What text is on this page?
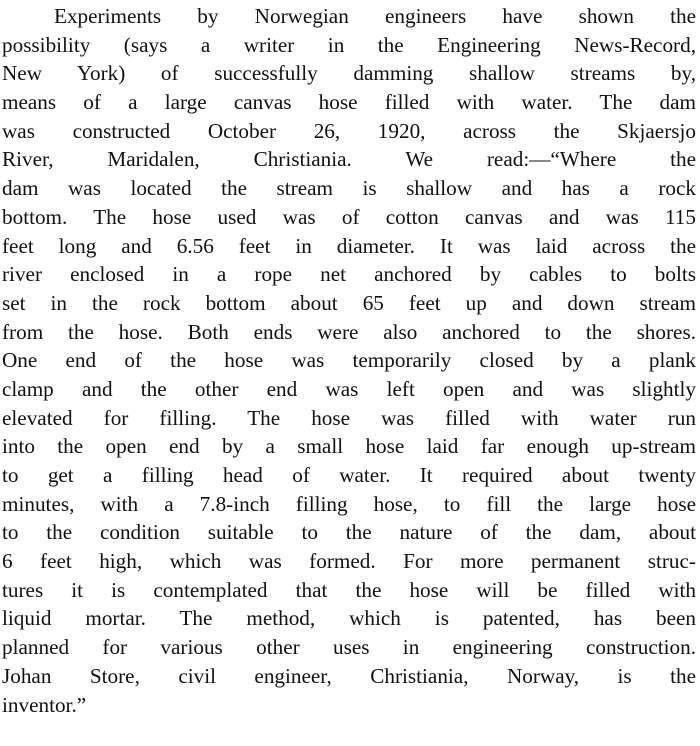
Experiments by Norwegian engineers have shown the
possibility (says a writer in the Engineering News-Record,
New York) of successfully damming shallow streams by,
means of a large canvas hose filled with water. The dam
was constructed October 26, 1920, across the Skjaersjo
River, Maridalen, Christiania. We read:—“Where the
dam was located the stream is shallow and has a rock
bottom. The hose used was of cotton canvas and was 115
feet long and 6.56 feet in diameter. It was laid across the
river enclosed in a rope net anchored by cables to bolts
set in the rock bottom about 65 feet up and down stream
from the hose. Both ends were also anchored to the shores.
One end of the hose was temporarily closed by a plank
clamp and the other end was left open and was slightly
elevated for filling. The hose was filled with water run
into the open end by a small hose laid far enough up-stream
to get a filling head of water. It required about twenty
minutes, with a 7.8-inch filling hose, to fill the large hose
to the condition suitable to the nature of the dam, about
6 feet high, which was formed. For more permanent struc-
tures it is contemplated that the hose will be filled with
liquid mortar. The method, which is patented, has been
planned for various other uses in engineering construction.
Johan Store, civil engineer, Christiania, Norway, is the
inventor.”
